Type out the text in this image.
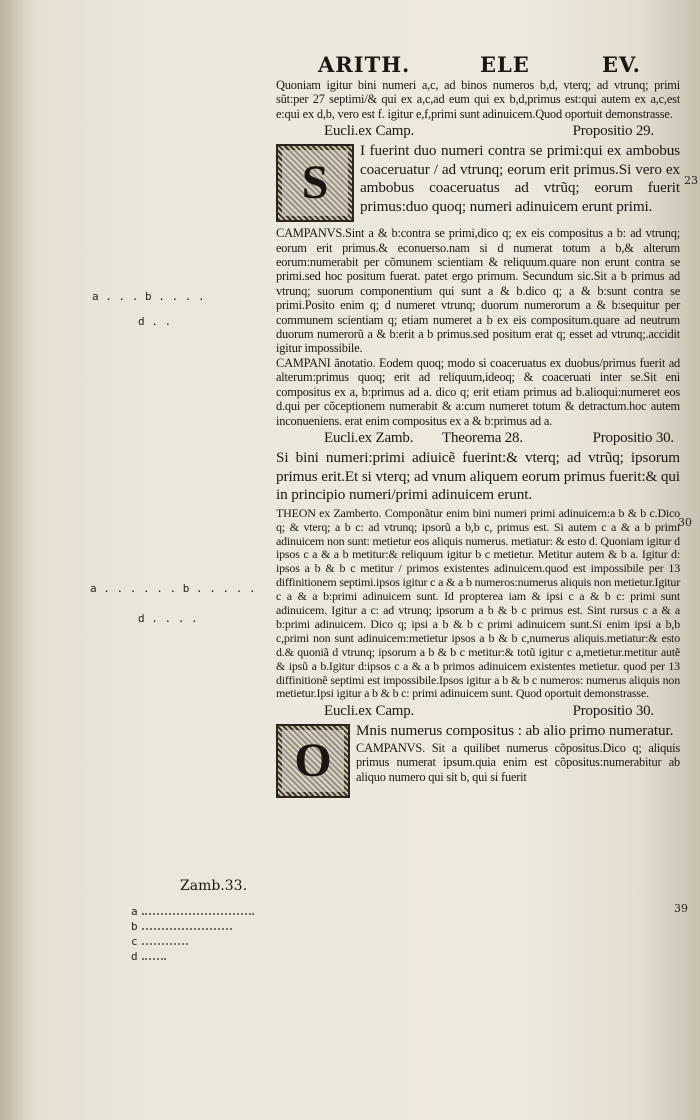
ARITH.	ELE	EV.
23
30
39

Quoniam igitur bini numeri a,c, ad binos numeros b,d, vterq; ad vtrunq; primi sũt:per 27 septimi/& qui ex a,c,ad eum qui ex b,d,primus est:qui autem ex a,c,est e:qui ex d,b, vero est f. igitur e,f,primi sunt adinuicem.Quod oportuit demonstrasse.

Eucli.ex Camp.	Propositio 29.
S

I fuerint duo numeri contra se primi:qui ex ambobus coaceruatur / ad vtrunq; eorum erit primus.Si vero ex ambobus coaceruatus ad vtrũq; eorum fuerit primus:duo quoq; numeri adinuicem erunt primi.

CAMPANVS.Sint a & b:contra se primi,dico q; ex eis compositus a b: ad vtrunq; eorum erit primus.& econuerso.nam si d numerat totum a b,& alterum eorum:numerabit per cõmunem scientiam & reliquum.quare non erunt contra se primi.sed hoc positum fuerat. patet ergo primum. Secundum sic.Sit a b primus ad vtrunq; suorum componentium qui sunt a & b.dico q; a & b:sunt contra se primi.Posito enim q; d numeret vtrunq; duorum numerorum a & b:sequitur per communem scientiam q; etiam numeret a b ex eis compositum.quare ad neutrum duorum numerorũ a & b:erit a b primus.sed positum erat q; esset ad vtrunq;.accidit igitur impossibile.

CAMPANI ãnotatio. Eodem quoq; modo si coaceruatus ex duobus/primus fuerit ad alterum:primus quoq; erit ad reliquum,ideoq; & coaceruati inter se.Sit eni compositus ex a, b:primus ad a. dico q; erit etiam primus ad b.alioqui:numeret eos d.qui per cõceptionem numerabit & a:cum numeret totum & detractum.hoc autem inconueniens. erat enim compositus ex a & b:primus ad a.

Eucli.ex Zamb. Theorema 28.	Propositio 30.

Si bini numeri:primi adiuicẽ fuerint:& vterq; ad vtrũq; ipsorum primus erit.Et si vterq; ad vnum aliquem eorum primus fuerit:& qui in principio numeri/primi adinuicem erunt.

THEON ex Zamberto. Componãtur enim bini numeri primi adinuicem:a b & b c.Dico q; & vterq; a b c: ad vtrunq; ipsorũ a b,b c, primus est. Si autem c a & a b primi adinuicem non sunt: metietur eos aliquis numerus. metiatur: & esto d. Quoniam igitur d ipsos c a & a b metitur:& reliquum igitur b c metietur. Metitur autem & b a. Igitur d: ipsos a b & b c metitur / primos existentes adinuicem.quod est impossibile per 13 diffinitionem septimi.ipsos igitur c a & a b numeros:numerus aliquis non metietur.Igitur c a & a b:primi adinuicem sunt. Id propterea iam & ipsi c a & b c: primi sunt adinuicem. Igitur a c: ad vtrunq; ipsorum a b & b c primus est. Sint rursus c a & a b:primi adinuicem. Dico q; ipsi a b & b c primi adinuicem sunt.Si enim ipsi a b,b c,primi non sunt adinuicem:metietur ipsos a b & b c,numerus aliquis.metiatur:& esto d.& quoniã d vtrunq; ipsorum a b & b c metitur:& totũ igitur c a,metietur.metitur autẽ & ipsũ a b.Igitur d:ipsos c a & a b primos adinuicem existentes metietur. quod per 13 diffinitionẽ septimi est impossibile.Ipsos igitur a b & b c numeros: numerus aliquis non metietur.Ipsi igitur a b & b c: primi adinuicem sunt. Quod oportuit demonstrasse.

Eucli.ex Camp.	Propositio 30.
O

Mnis numerus compositus : ab alio primo numeratur.

CAMPANVS. Sit a quilibet numerus cõpositus.Dico q; aliquis primus numerat ipsum.quia enim est cõpositus:numerabitur ab aliquo numero qui sit b, qui si fuerit

a . . . b . . . .
d . .
a . . . . . . b . . . . .
d . . . .
Zamb.33.
a
b
c
d
